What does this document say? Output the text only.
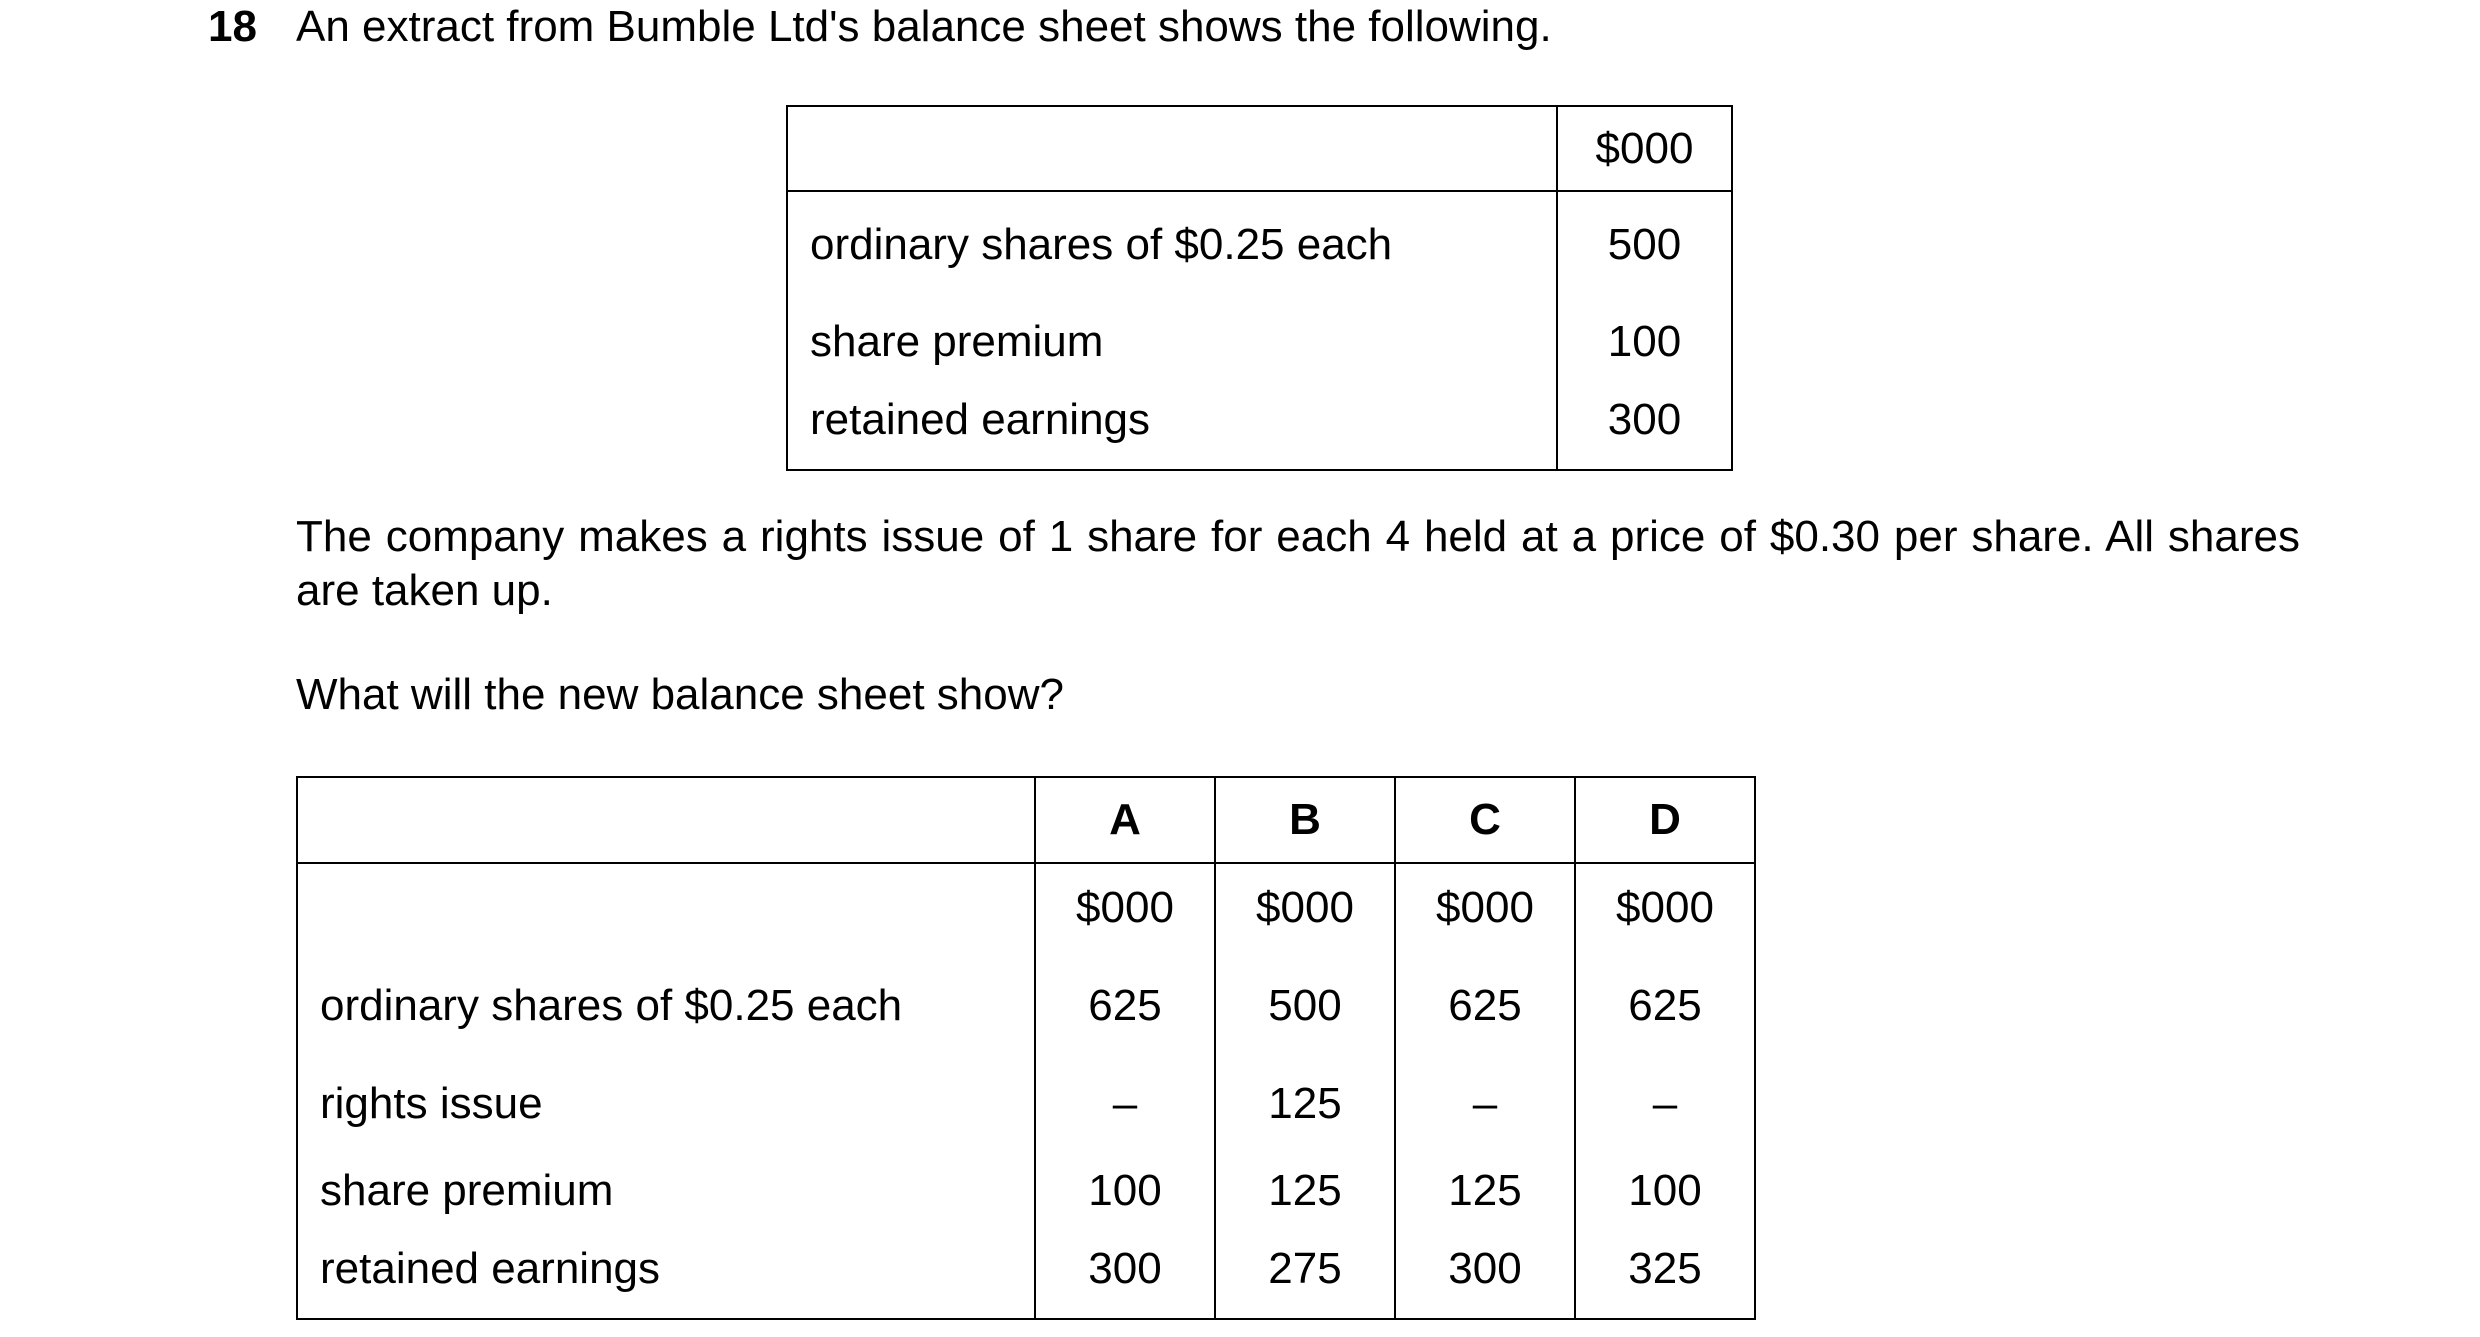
18 An extract from Bumble Ltd's balance sheet shows the following.
	$000
ordinary shares of $0.25 each	500
share premium	100
retained earnings	300
The company makes a rights issue of 1 share for each 4 held at a price of $0.30 per share. All shares are taken up.
What will the new balance sheet show?
	A	B	C	D
	$000	$000	$000	$000
ordinary shares of $0.25 each	625	500	625	625
rights issue	–	125	–	–
share premium	100	125	125	100
retained earnings	300	275	300	325
